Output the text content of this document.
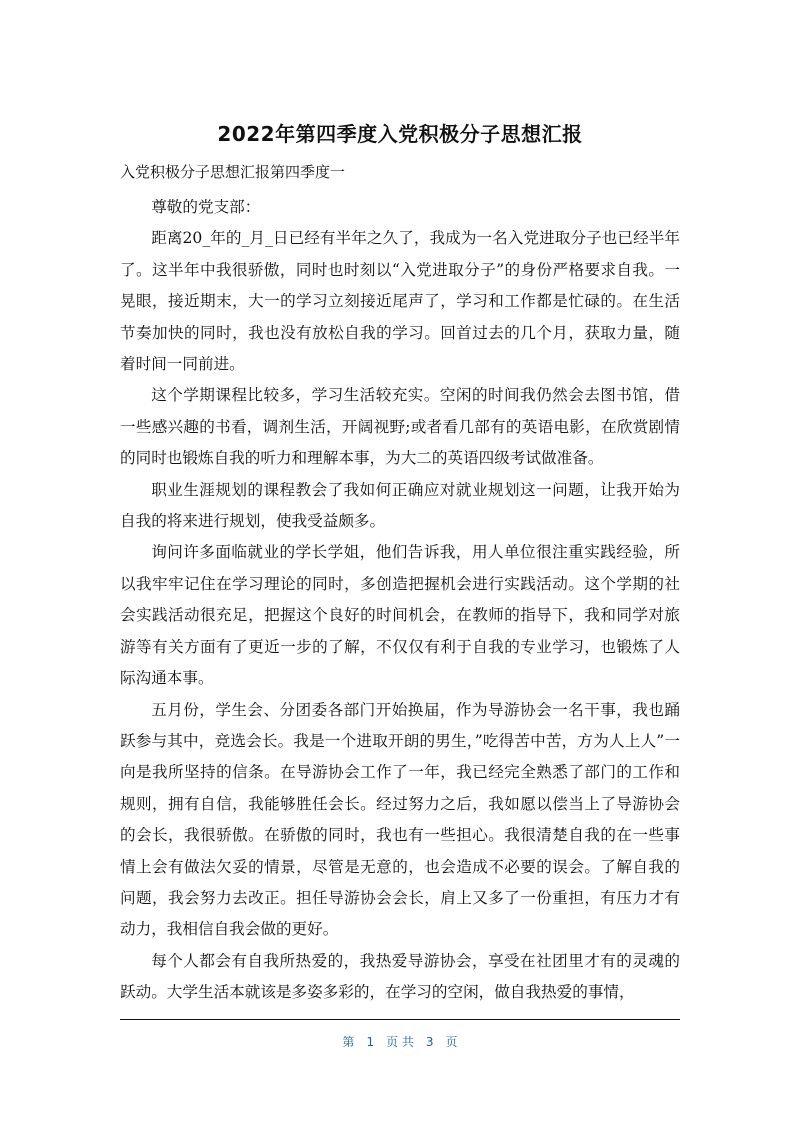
2022年第四季度入党积极分子思想汇报

入党积极分子思想汇报第四季度一

尊敬的党支部：

距离20_年的_月_日已经有半年之久了，我成为一名入党进取分子也已经半年了。这半年中我很骄傲，同时也时刻以“入党进取分子”的身份严格要求自我。一晃眼，接近期末，大一的学习立刻接近尾声了，学习和工作都是忙碌的。在生活节奏加快的同时，我也没有放松自我的学习。回首过去的几个月，获取力量，随着时间一同前进。

这个学期课程比较多，学习生活较充实。空闲的时间我仍然会去图书馆，借一些感兴趣的书看，调剂生活，开阔视野;或者看几部有的英语电影，在欣赏剧情的同时也锻炼自我的听力和理解本事，为大二的英语四级考试做准备。

职业生涯规划的课程教会了我如何正确应对就业规划这一问题，让我开始为自我的将来进行规划，使我受益颇多。

询问许多面临就业的学长学姐，他们告诉我，用人单位很注重实践经验，所以我牢牢记住在学习理论的同时，多创造把握机会进行实践活动。这个学期的社会实践活动很充足，把握这个良好的时间机会，在教师的指导下，我和同学对旅游等有关方面有了更近一步的了解，不仅仅有利于自我的专业学习，也锻炼了人际沟通本事。

五月份，学生会、分团委各部门开始换届，作为导游协会一名干事，我也踊跃参与其中，竞选会长。我是一个进取开朗的男生，”吃得苦中苦，方为人上人”一向是我所坚持的信条。在导游协会工作了一年，我已经完全熟悉了部门的工作和规则，拥有自信，我能够胜任会长。经过努力之后，我如愿以偿当上了导游协会的会长，我很骄傲。在骄傲的同时，我也有一些担心。我很清楚自我的在一些事情上会有做法欠妥的情景，尽管是无意的，也会造成不必要的误会。了解自我的问题，我会努力去改正。担任导游协会会长，肩上又多了一份重担，有压力才有动力，我相信自我会做的更好。

每个人都会有自我所热爱的，我热爱导游协会，享受在社团里才有的灵魂的跃动。大学生活本就该是多姿多彩的，在学习的空闲，做自我热爱的事情，

第 1 页 共 3 页
